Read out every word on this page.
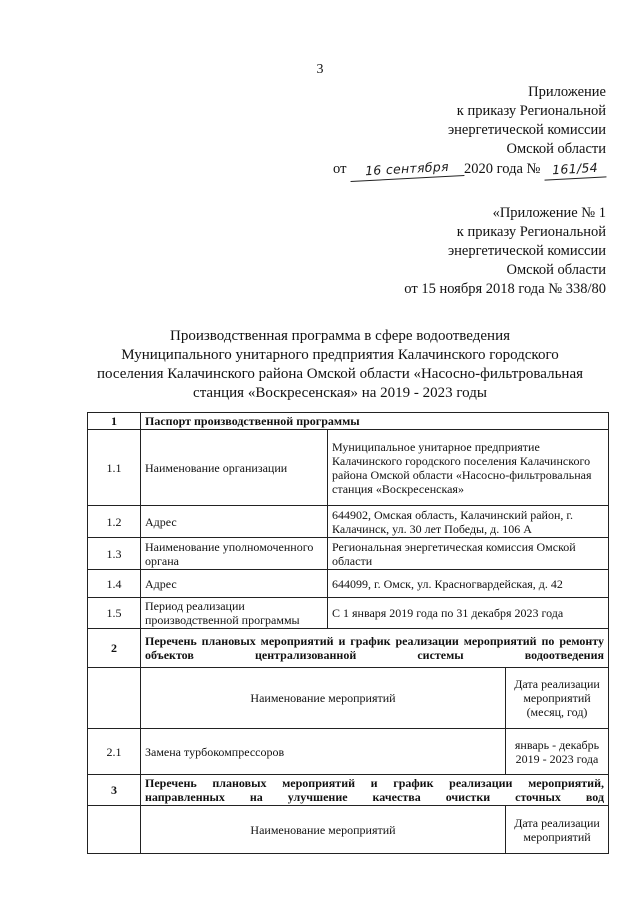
3
Приложение
к приказу Региональной
энергетической комиссии
Омской области
от 16 сентября 2020 года № 161/54
«Приложение № 1
к приказу Региональной
энергетической комиссии
Омской области
от 15 ноября 2018 года № 338/80
Производственная программа в сфере водоотведения
Муниципального унитарного предприятия Калачинского городского
поселения Калачинского района Омской области «Насосно-фильтровальная
станция «Воскресенская» на 2019 - 2023 годы
1	Паспорт производственной программы		
1.1	Наименование организации	Муниципальное унитарное предприятие Калачинского городского поселения Калачинского района Омской области «Насосно-фильтровальная станция «Воскресенская»	
1.2	Адрес	644902, Омская область, Калачинский район, г. Калачинск, ул. 30 лет Победы, д. 106 А	
1.3	Наименование уполномоченного органа	Региональная энергетическая комиссия Омской области	
1.4	Адрес	644099, г. Омск, ул. Красногвардейская, д. 42	
1.5	Период реализации производственной программы	С 1 января 2019 года по 31 декабря 2023 года	
2	Перечень плановых мероприятий и график реализации мероприятий по ремонту объектов централизованной системы водоотведения		
	Наименование мероприятий		Дата реализации мероприятий (месяц, год)
2.1	Замена турбокомпрессоров		январь - декабрь 2019 - 2023 года
3	Перечень плановых мероприятий и график реализации мероприятий, направленных на улучшение качества очистки сточных вод		
	Наименование мероприятий		Дата реализации мероприятий
